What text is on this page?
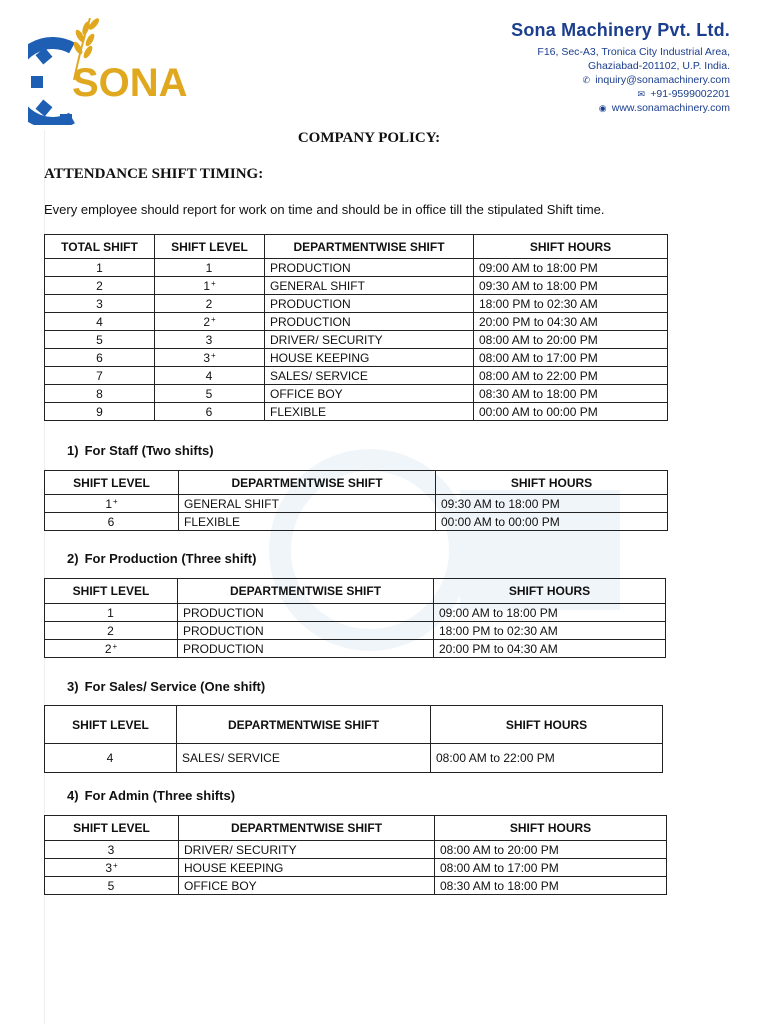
SONA
Sona Machinery Pvt. Ltd.
F16, Sec-A3, Tronica City Industrial Area,
Ghaziabad-201102, U.P. India.
✆ inquiry@sonamachinery.com
✉ +91-9599002201
◉ www.sonamachinery.com
COMPANY POLICY:
ATTENDANCE SHIFT TIMING:
Every employee should report for work on time and should be in office till the stipulated Shift time.
TOTAL SHIFT	SHIFT LEVEL	DEPARTMENTWISE SHIFT	SHIFT HOURS
1	1	PRODUCTION	09:00 AM to 18:00 PM
2	1+	GENERAL SHIFT	09:30 AM to 18:00 PM
3	2	PRODUCTION	18:00 PM to 02:30 AM
4	2+	PRODUCTION	20:00 PM to 04:30 AM
5	3	DRIVER/ SECURITY	08:00 AM to 20:00 PM
6	3+	HOUSE KEEPING	08:00 AM to 17:00 PM
7	4	SALES/ SERVICE	08:00 AM to 22:00 PM
8	5	OFFICE BOY	08:30 AM to 18:00 PM
9	6	FLEXIBLE	00:00 AM to 00:00 PM
1) For Staff (Two shifts)
SHIFT LEVEL	DEPARTMENTWISE SHIFT	SHIFT HOURS
1+	GENERAL SHIFT	09:30 AM to 18:00 PM
6	FLEXIBLE	00:00 AM to 00:00 PM
2) For Production (Three shift)
SHIFT LEVEL	DEPARTMENTWISE SHIFT	SHIFT HOURS
1	PRODUCTION	09:00 AM to 18:00 PM
2	PRODUCTION	18:00 PM to 02:30 AM
2+	PRODUCTION	20:00 PM to 04:30 AM
3) For Sales/ Service (One shift)
SHIFT LEVEL	DEPARTMENTWISE SHIFT	SHIFT HOURS
4	SALES/ SERVICE	08:00 AM to 22:00 PM
4) For Admin (Three shifts)
SHIFT LEVEL	DEPARTMENTWISE SHIFT	SHIFT HOURS
3	DRIVER/ SECURITY	08:00 AM to 20:00 PM
3+	HOUSE KEEPING	08:00 AM to 17:00 PM
5	OFFICE BOY	08:30 AM to 18:00 PM
